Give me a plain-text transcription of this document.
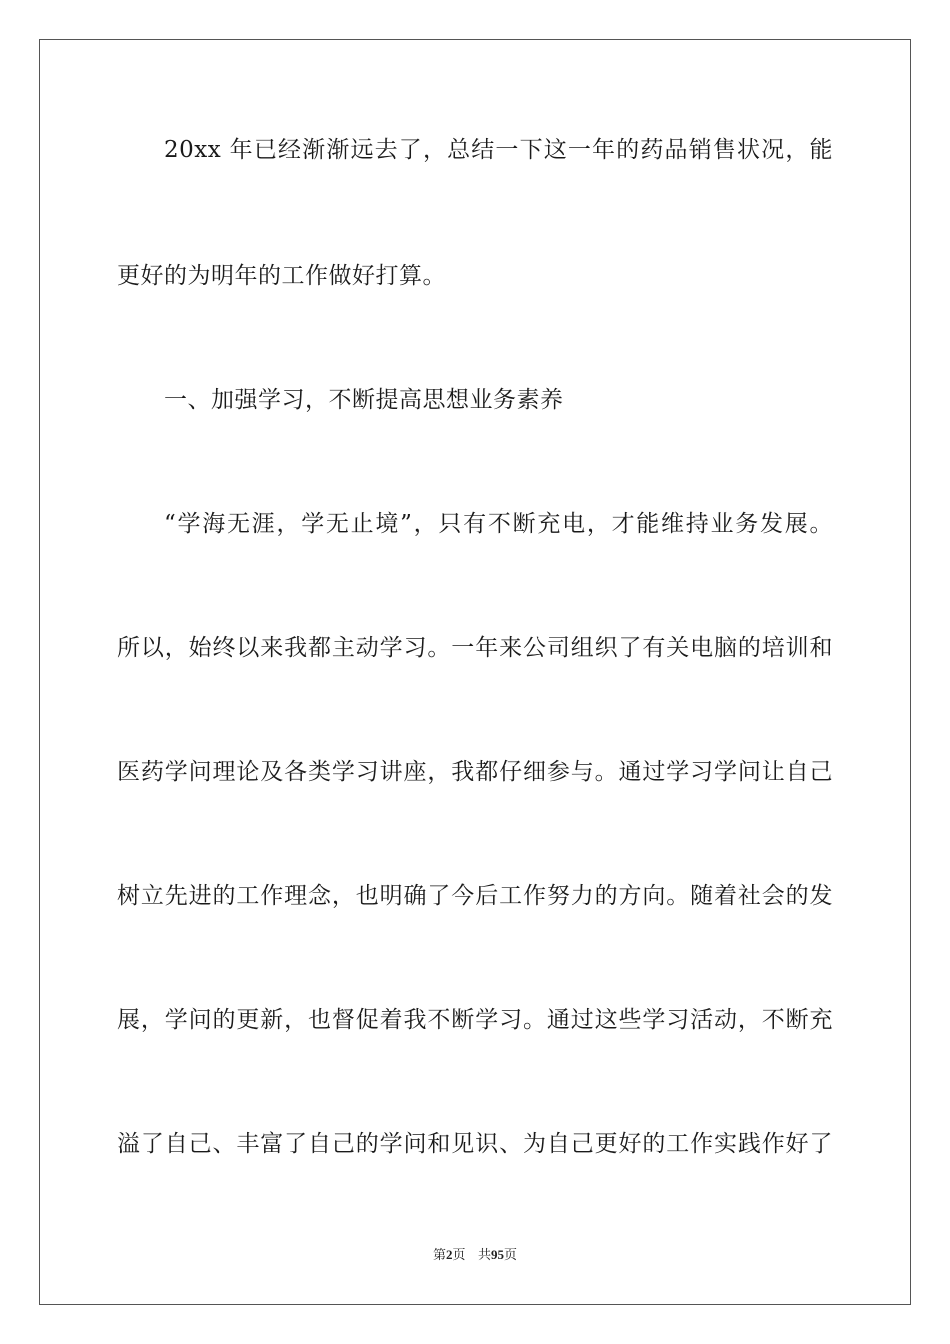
20xx 年已经渐渐远去了，总结一下这一年的药品销售状况，能
更好的为明年的工作做好打算。
一、加强学习，不断提高思想业务素养
“学海无涯，学无止境”，只有不断充电，才能维持业务发展。
所以，始终以来我都主动学习。一年来公司组织了有关电脑的培训和
医药学问理论及各类学习讲座，我都仔细参与。通过学习学问让自己
树立先进的工作理念，也明确了今后工作努力的方向。随着社会的发
展，学问的更新，也督促着我不断学习。通过这些学习活动，不断充
溢了自己、丰富了自己的学问和见识、为自己更好的工作实践作好了
第2页 共95页
